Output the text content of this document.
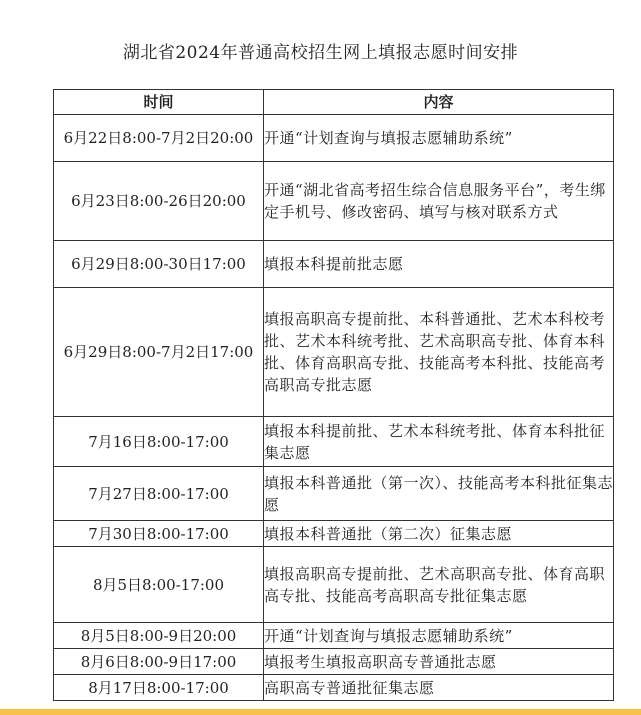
湖北省2024年普通高校招生网上填报志愿时间安排
时间	内容
6月22日8:00-7月2日20:00	开通“计划查询与填报志愿辅助系统”
6月23日8:00-26日20:00	开通“湖北省高考招生综合信息服务平台”，考生绑定手机号、修改密码、填写与核对联系方式
6月29日8:00-30日17:00	填报本科提前批志愿
6月29日8:00-7月2日17:00	填报高职高专提前批、本科普通批、艺术本科校考批、艺术本科统考批、艺术高职高专批、体育本科批、体育高职高专批、技能高考本科批、技能高考高职高专批志愿
7月16日8:00-17:00	填报本科提前批、艺术本科统考批、体育本科批征集志愿
7月27日8:00-17:00	填报本科普通批（第一次）、技能高考本科批征集志愿
7月30日8:00-17:00	填报本科普通批（第二次）征集志愿
8月5日8:00-17:00	填报高职高专提前批、艺术高职高专批、体育高职高专批、技能高考高职高专批征集志愿
8月5日8:00-9日20:00	开通“计划查询与填报志愿辅助系统”
8月6日8:00-9日17:00	填报考生填报高职高专普通批志愿
8月17日8:00-17:00	高职高专普通批征集志愿
